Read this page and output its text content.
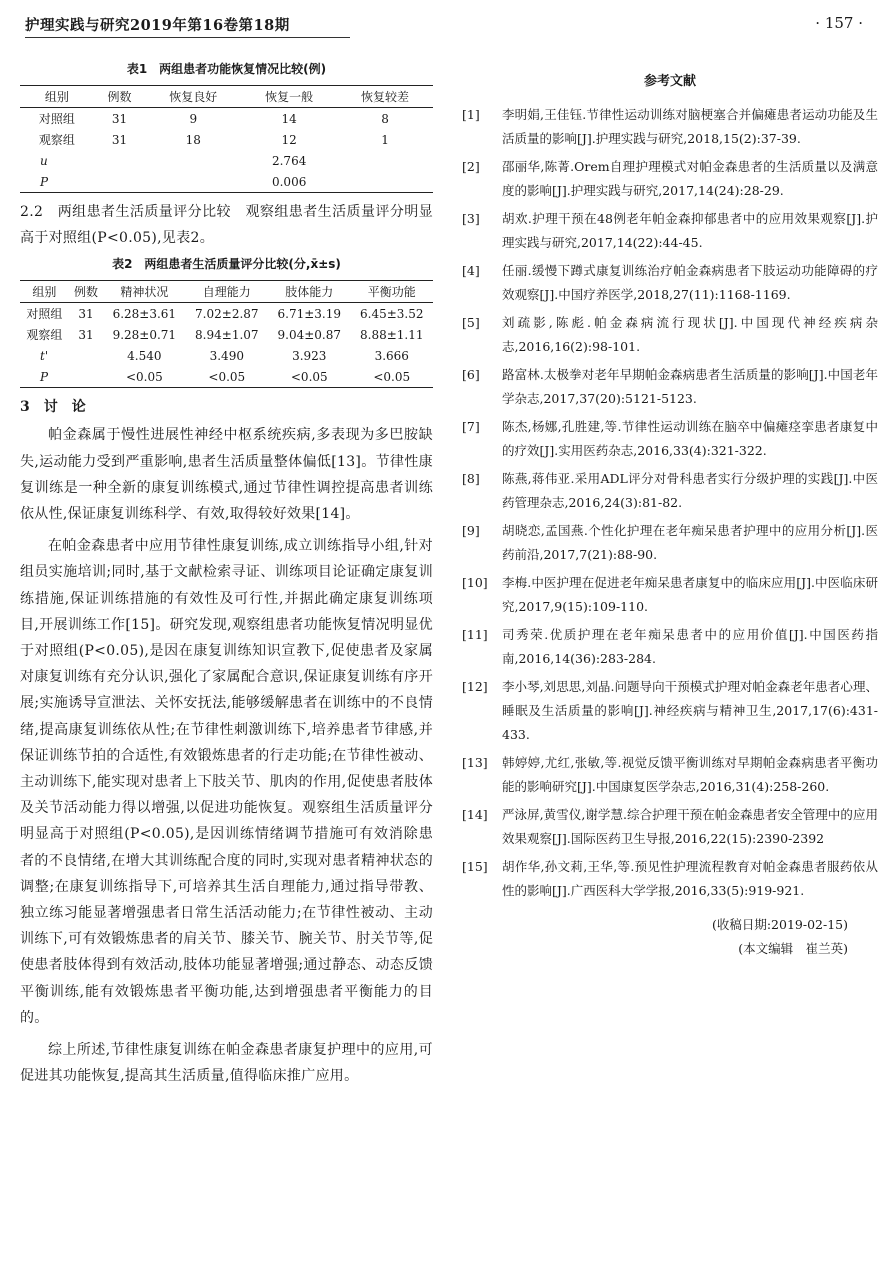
护理实践与研究2019年第16卷第18期	· 157 ·
表1　两组患者功能恢复情况比较(例)
组别	例数	恢复良好	恢复一般	恢复较差
对照组	31	9	14	8
观察组	31	18	12	1
u			2.764	
P			0.006	

2.2　两组患者生活质量评分比较　观察组患者生活质量评分明显高于对照组(P<0.05),见表2。

表2　两组患者生活质量评分比较(分,x̄±s)
组别	例数	精神状况	自理能力	肢体能力	平衡功能
对照组	31	6.28±3.61	7.02±2.87	6.71±3.19	6.45±3.52
观察组	31	9.28±0.71	8.94±1.07	9.04±0.87	8.88±1.11
t'		4.540	3.490	3.923	3.666
P		<0.05	<0.05	<0.05	<0.05
3　讨　论

帕金森属于慢性进展性神经中枢系统疾病,多表现为多巴胺缺失,运动能力受到严重影响,患者生活质量整体偏低[13]。节律性康复训练是一种全新的康复训练模式,通过节律性调控提高患者训练依从性,保证康复训练科学、有效,取得较好效果[14]。

在帕金森患者中应用节律性康复训练,成立训练指导小组,针对组员实施培训;同时,基于文献检索寻证、训练项目论证确定康复训练措施,保证训练措施的有效性及可行性,并据此确定康复训练项目,开展训练工作[15]。研究发现,观察组患者功能恢复情况明显优于对照组(P<0.05),是因在康复训练知识宣教下,促使患者及家属对康复训练有充分认识,强化了家属配合意识,保证康复训练有序开展;实施诱导宣泄法、关怀安抚法,能够缓解患者在训练中的不良情绪,提高康复训练依从性;在节律性刺激训练下,培养患者节律感,并保证训练节拍的合适性,有效锻炼患者的行走功能;在节律性被动、主动训练下,能实现对患者上下肢关节、肌肉的作用,促使患者肢体及关节活动能力得以增强,以促进功能恢复。观察组生活质量评分明显高于对照组(P<0.05),是因训练情绪调节措施可有效消除患者的不良情绪,在增大其训练配合度的同时,实现对患者精神状态的调整;在康复训练指导下,可培养其生活自理能力,通过指导带教、独立练习能显著增强患者日常生活活动能力;在节律性被动、主动训练下,可有效锻炼患者的肩关节、膝关节、腕关节、肘关节等,促使患者肢体得到有效活动,肢体功能显著增强;通过静态、动态反馈平衡训练,能有效锻炼患者平衡功能,达到增强患者平衡能力的目的。

综上所述,节律性康复训练在帕金森患者康复护理中的应用,可促进其功能恢复,提高其生活质量,值得临床推广应用。

参考文献
[1]	李明娟,王佳钰.节律性运动训练对脑梗塞合并偏瘫患者运动功能及生活质量的影响[J].护理实践与研究,2018,15(2):37-39.
[2]	邵丽华,陈菁.Orem自理护理模式对帕金森患者的生活质量以及满意度的影响[J].护理实践与研究,2017,14(24):28-29.
[3]	胡欢.护理干预在48例老年帕金森抑郁患者中的应用效果观察[J].护理实践与研究,2017,14(22):44-45.
[4]	任丽.缓慢下蹲式康复训练治疗帕金森病患者下肢运动功能障碍的疗效观察[J].中国疗养医学,2018,27(11):1168-1169.
[5]	刘疏影,陈彪.帕金森病流行现状[J].中国现代神经疾病杂志,2016,16(2):98-101.
[6]	路富林.太极拳对老年早期帕金森病患者生活质量的影响[J].中国老年学杂志,2017,37(20):5121-5123.
[7]	陈杰,杨娜,孔胜建,等.节律性运动训练在脑卒中偏瘫痉挛患者康复中的疗效[J].实用医药杂志,2016,33(4):321-322.
[8]	陈燕,蒋伟亚.采用ADL评分对骨科患者实行分级护理的实践[J].中医药管理杂志,2016,24(3):81-82.
[9]	胡晓恋,孟国燕.个性化护理在老年痴呆患者护理中的应用分析[J].医药前沿,2017,7(21):88-90.
[10]	李梅.中医护理在促进老年痴呆患者康复中的临床应用[J].中医临床研究,2017,9(15):109-110.
[11]	司秀荣.优质护理在老年痴呆患者中的应用价值[J].中国医药指南,2016,14(36):283-284.
[12]	李小琴,刘思思,刘晶.问题导向干预模式护理对帕金森老年患者心理、睡眠及生活质量的影响[J].神经疾病与精神卫生,2017,17(6):431-433.
[13]	韩婷婷,尤红,张敏,等.视觉反馈平衡训练对早期帕金森病患者平衡功能的影响研究[J].中国康复医学杂志,2016,31(4):258-260.
[14]	严泳屏,黄雪仪,谢学慧.综合护理干预在帕金森患者安全管理中的应用效果观察[J].国际医药卫生导报,2016,22(15):2390-2392
[15]	胡作华,孙文莉,王华,等.预见性护理流程教育对帕金森患者服药依从性的影响[J].广西医科大学学报,2016,33(5):919-921.
(收稿日期:2019-02-15)
(本文编辑　崔兰英)
